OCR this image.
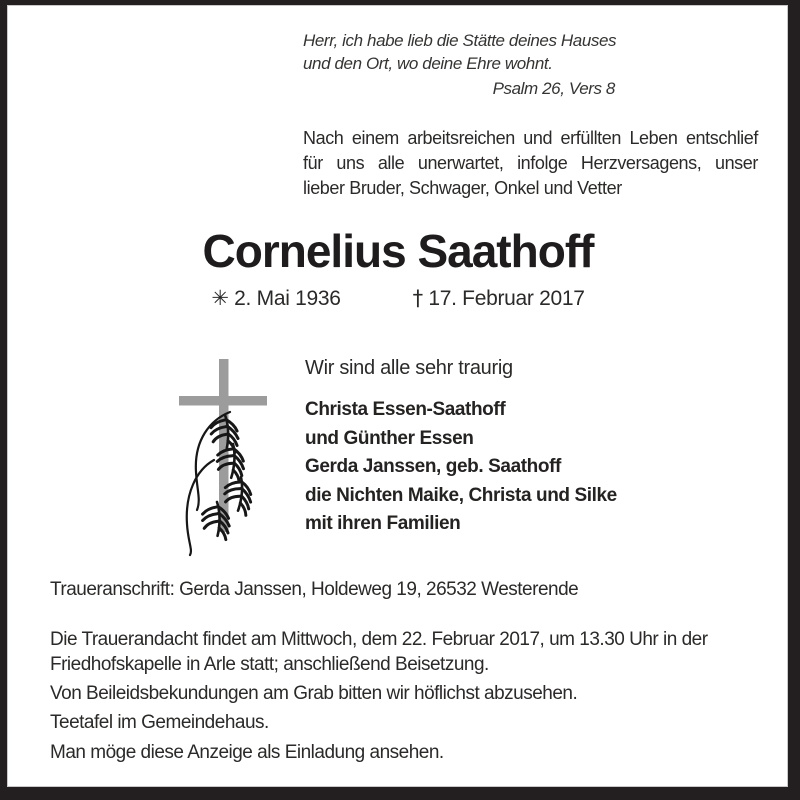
Herr, ich habe lieb die Stätte deines Hauses
und den Ort, wo deine Ehre wohnt.
Psalm 26, Vers 8
Nach einem arbeitsreichen und erfüllten Leben entschlief
für uns alle unerwartet, infolge Herzversagens, unser
lieber Bruder, Schwager, Onkel und Vetter
Cornelius Saathoff
✳ 2. Mai 1936	† 17. Februar 2017
Wir sind alle sehr traurig
Christa Essen-Saathoff
und Günther Essen
Gerda Janssen, geb. Saathoff
die Nichten Maike, Christa und Silke
mit ihren Familien
Traueranschrift: Gerda Janssen, Holdeweg 19, 26532 Westerende
Die Trauerandacht findet am Mittwoch, dem 22. Februar 2017, um 13.30 Uhr in der
Friedhofskapelle in Arle statt; anschließend Beisetzung.
Von Beileidsbekundungen am Grab bitten wir höflichst abzusehen.
Teetafel im Gemeindehaus.
Man möge diese Anzeige als Einladung ansehen.
